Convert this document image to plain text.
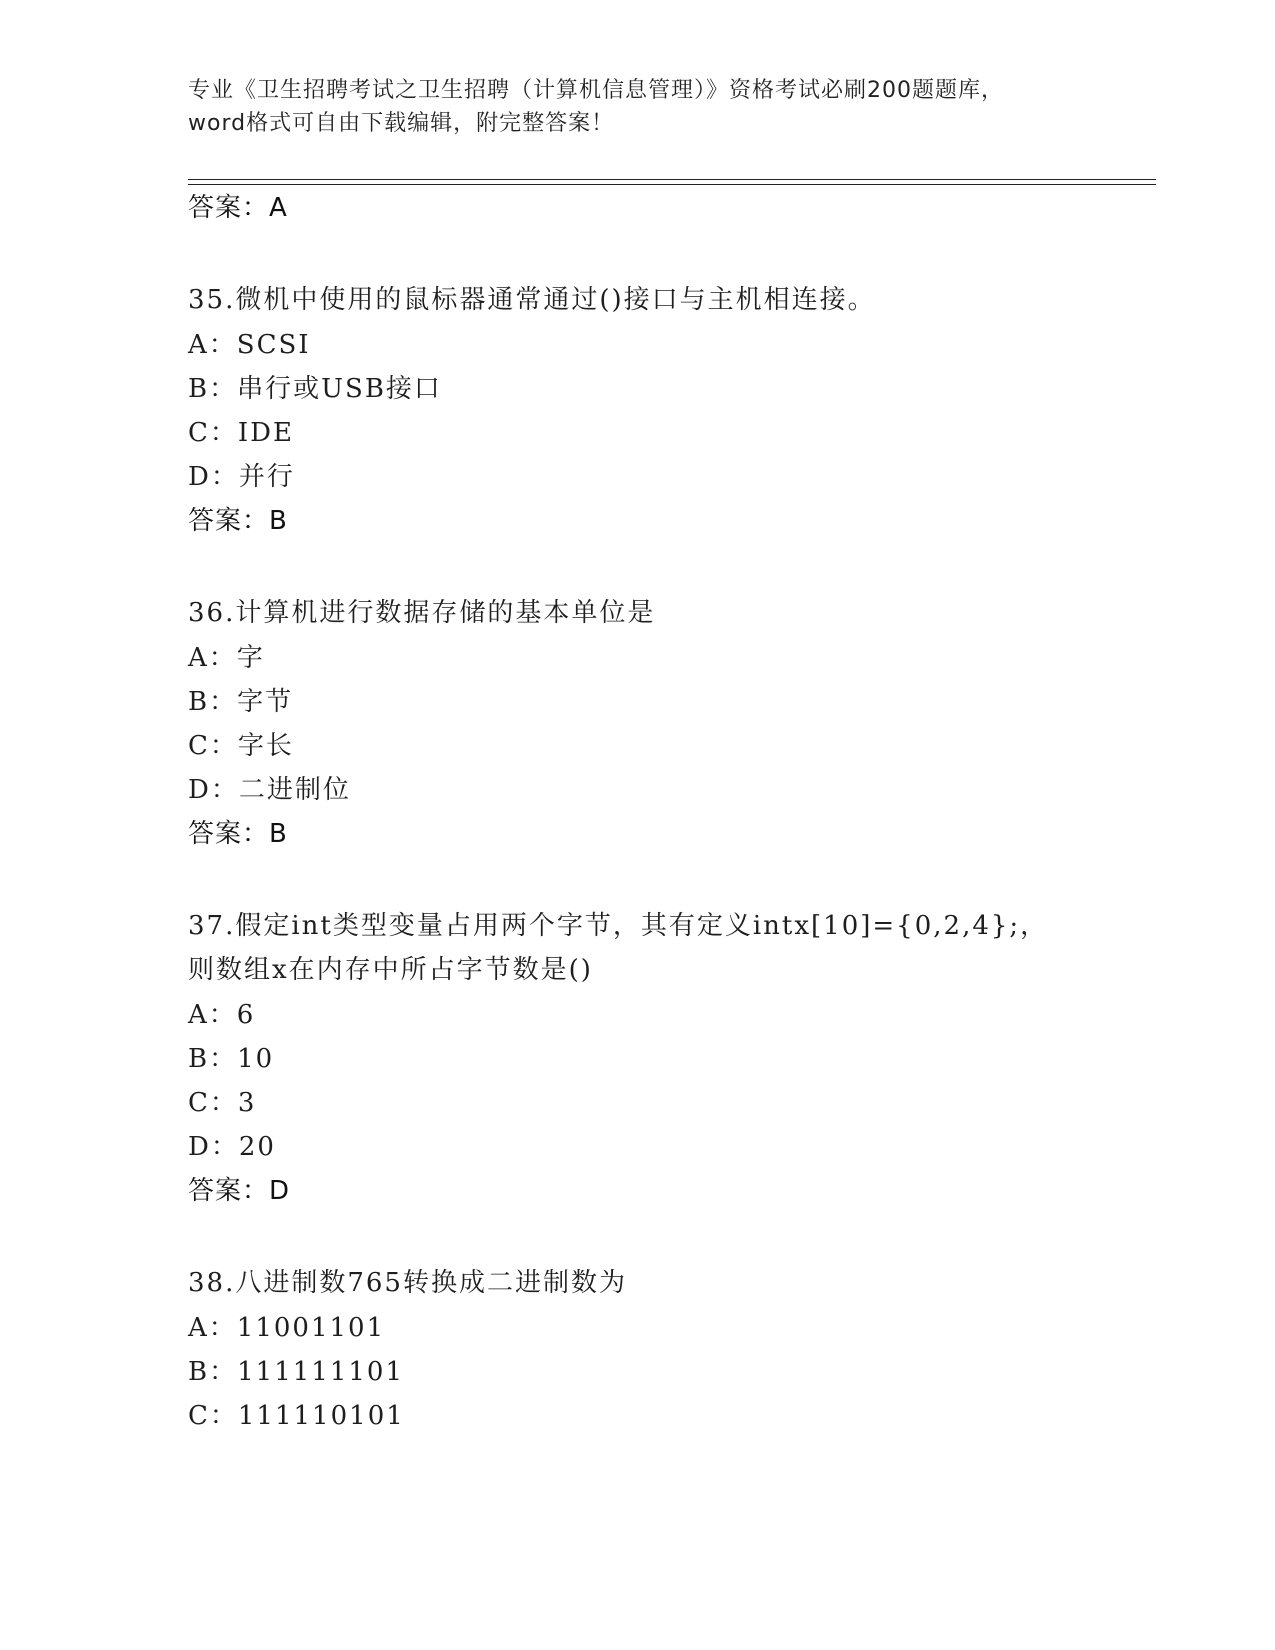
专业《卫生招聘考试之卫生招聘（计算机信息管理）》资格考试必刷200题题库，
word格式可自由下载编辑，附完整答案！
答案：A
35.微机中使用的鼠标器通常通过()接口与主机相连接。
A：SCSI
B：串行或USB接口
C：IDE
D：并行
答案：B
36.计算机进行数据存储的基本单位是
A：字
B：字节
C：字长
D：二进制位
答案：B
37.假定int类型变量占用两个字节，其有定义intx[10]={0,2,4};，
则数组x在内存中所占字节数是()
A：6
B：10
C：3
D：20
答案：D
38.八进制数765转换成二进制数为
A：11001101
B：111111101
C：111110101
